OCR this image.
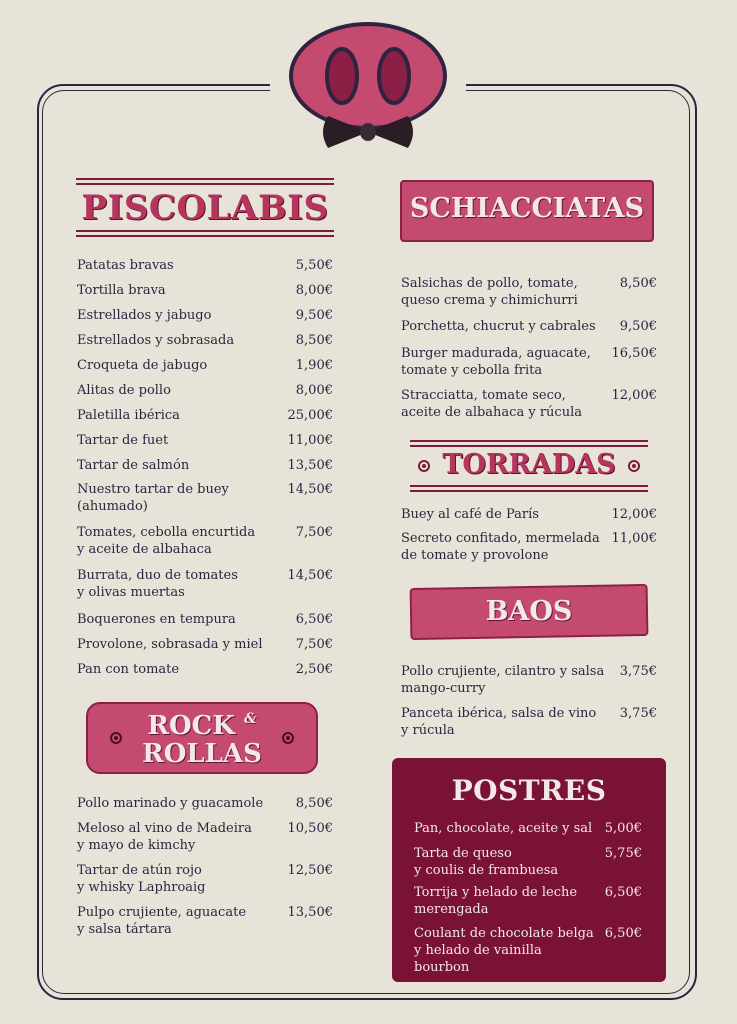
PISCOLABIS
Patatas bravas	5,50€
Tortilla brava	8,00€
Estrellados y jabugo	9,50€
Estrellados y sobrasada	8,50€
Croqueta de jabugo	1,90€
Alitas de pollo	8,00€
Paletilla ibérica	25,00€
Tartar de fuet	11,00€
Tartar de salmón	13,50€
Nuestro tartar de buey
(ahumado)
14,50€
Tomates, cebolla encurtida
y aceite de albahaca
7,50€
Burrata, duo de tomates
y olivas muertas
14,50€
Boquerones en tempura	6,50€
Provolone, sobrasada y miel	7,50€
Pan con tomate	2,50€
ROCK &
ROLLAS
Pollo marinado y guacamole	8,50€
Meloso al vino de Madeira
y mayo de kimchy
10,50€
Tartar de atún rojo
y whisky Laphroaig
12,50€
Pulpo crujiente, aguacate
y salsa tártara
13,50€
SCHIACCIATAS
Salsichas de pollo, tomate,
queso crema y chimichurri
8,50€
Porchetta, chucrut y cabrales	9,50€
Burger madurada, aguacate,
tomate y cebolla frita
16,50€
Stracciatta, tomate seco,
aceite de albahaca y rúcula
12,00€
TORRADAS
Buey al café de París	12,00€
Secreto confitado, mermelada
de tomate y provolone
11,00€
BAOS
Pollo crujiente, cilantro y salsa
mango-curry
3,75€
Panceta ibérica, salsa de vino
y rúcula
3,75€
POSTRES
Pan, chocolate, aceite y sal 5,00€
Tarta de queso
y coulis de frambuesa
5,75€
Torrija y helado de leche
merengada
6,50€
Coulant de chocolate belga
y helado de vainilla bourbon
6,50€
